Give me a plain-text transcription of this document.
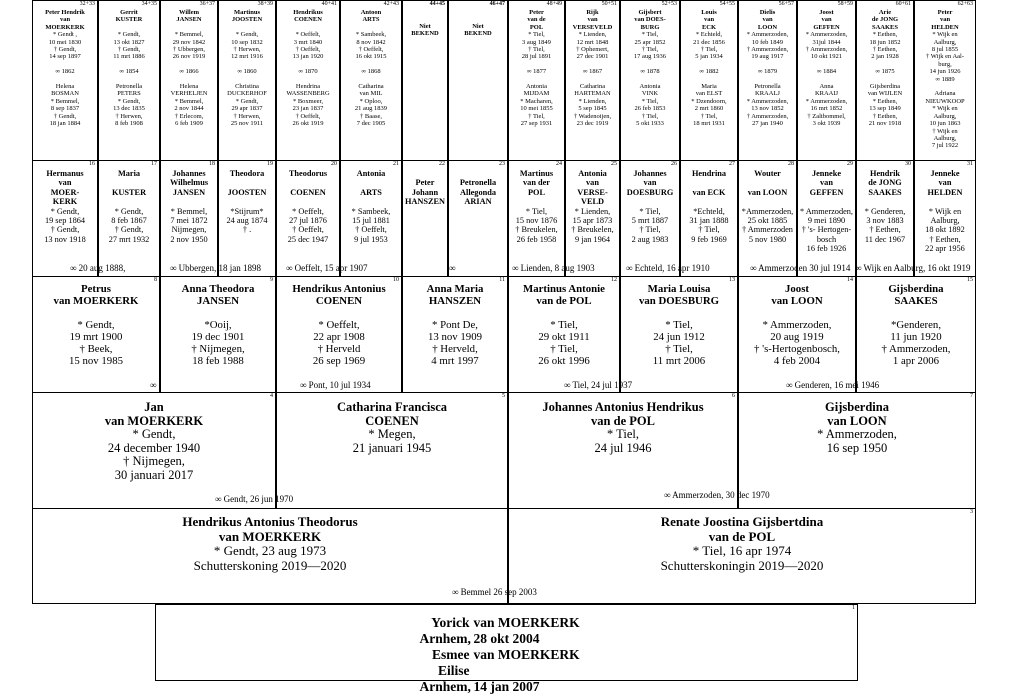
32+33
Peter Hendrik
van
MOERKERK
* Gendt ,
10 mei 1830
† Gendt,
14 sep 1897

∞ 1862

Helena
BOSMAN
* Bemmel,
8 sep 1837
† Gendt,
18 jan 1884
34+35
Gerrit
KUSTER

* Gendt,
13 okt 1827
† Gendt,
11 mrt 1886

∞ 1854

Petronella
PETERS
* Gendt,
13 dec 1835
† Herwen,
8 feb 1908
36+37
Willem
JANSEN

* Bemmel,
29 nov 1842
† Ubbergen,
26 nov 1919

∞ 1866

Helena
VERHELJEN
* Bemmel,
2 nov 1844
† Erlecom,
6 feb 1909
38+39
Martinus
JOOSTEN

* Gendt,
10 sep 1832
† Herwen,
12 mrt 1916

∞ 1860

Christina
DUCKERHOF
* Gendt,
29 apr 1837
† Herwen,
25 nov 1911
40+41
Hendrikus
COENEN

* Oeffelt,
3 mrt 1840
† Oeffelt,
13 jan 1920

∞ 1870

Hendrina
WASSENBERG
* Boxmeer,
23 jan 1837
† Oeffelt,
26 okt 1919
42+43
Antoon
ARTS

* Sambeek,
8 nov 1842
† Oeffelt,
16 okt 1915

∞ 1868

Catharina
van MIL
* Oploo,
21 aug 1839
† Baase,
7 dec 1905
44+45
Niet
BEKEND
46+47
Niet
BEKEND
48+49
Peter
van de
POL
* Tiel,
3 aug 1849
† Tiel,
28 jul 1891

∞ 1877

Antonia
MIJDAM
* Macharen,
10 mei 1855
† Tiel,
27 sep 1931
50+51
Rijk
van
VERSEVELD
* Lienden,
12 mrt 1848
† Ophemert,
27 dec 1901

∞ 1867

Catharina
HARTEMAN
* Lienden,
5 sep 1845
† Wadenoijen,
23 dec 1919
52+53
Gijsbert
van DOES-
BURG
* Tiel,
25 apr 1852
† Tiel,
17 aug 1936

∞ 1878

Antonia
VINK
* Tiel,
26 feb 1853
† Tiel,
5 okt 1933
54+55
Louis
van
ECK
* Echteld,
21 dec 1856
† Tiel,
5 jan 1934

∞ 1882

Maria
van ELST
* Dzendoorn,
2 mrt 1860
† Tiel,
18 mrt 1931
56+57
Dielis
van
LOON
* Ammerzoden,
10 feb 1849
† Ammerzoden,
19 aug 1917

∞ 1879

Petronella
KRAALJ
* Ammerzoden,
13 nov 1852
† Ammerzoden,
27 jan 1940
58+59
Joost
van
GEFFEN
* Ammerzoden,
31jul 1844
† Ammerzoden,
10 okt 1921

∞ 1884

Anna
KRAAIJ
* Ammerzoden,
16 mrt 1852
† Zaltbommel,
3 okt 1939
60+61
Arie
de JONG
SAAKES
* Eethen,
18 jun 1852
† Eethen,
2 jan 1928

∞ 1875

Gijsberdina
van WIJLEN
* Eethen,
13 sep 1849
† Eethen,
21 nov 1918
62+63
Peter
van
HELDEN
* Wijk en
Aalburg,
8 jul 1855
† Wijk en Aal-
burg,
14 jun 1926
∞ 1889

Adriana
NIEUWKOOP
* Wijk en
Aalburg,
10 jun 1863
† Wijk en
Aalburg,
7 jul 1922
16
Hermanus
van
MOER-
KERK
* Gendt,
19 sep 1864
† Gendt,
13 nov 1918
17
Maria

KUSTER

* Gendt,
8 feb 1867
† Gendt,
27 mrt 1932
18
Johannes
Wilhelmus
JANSEN

* Bemmel,
7 mei 1872
Nijmegen,
2 nov 1950
19
Theodora

JOOSTEN

*Stijrum*
24 aug 1874
† .
20
Theodorus

COENEN

* Oeffelt,
27 jul 1876
† Oeffelt,
25 dec 1947
21
Antonia

ARTS

* Sambeek,
15 jul 1881
† Oeffelt,
9 jul 1953
22

Peter
Johann
HANSZEN
23

Petronella
Allegonda
ARIAN
24
Martinus
van der
POL

* Tiel,
15 nov 1876
† Breukelen,
26 feb 1958
25
Antonia
van
VERSE-
VELD
* Lienden,
15 apr 1873
† Breukelen,
9 jan 1964
26
Johannes
van
DOESBURG

* Tiel,
5 mrt 1887
† Tiel,
2 aug 1983
27
Hendrina

van ECK

*Echteld,
31 jan 1888
† Tiel,
9 feb 1969
28
Wouter

van LOON

*Ammerzoden,
25 okt 1885
† Ammerzoden
5 nov 1980
29
Jenneke
van
GEFFEN

* Ammerzoden,
9 mei 1890
† 's- Hertogen-
bosch
16 feb 1926
30
Hendrik
de JONG
SAAKES

* Genderen,
3 nov 1883
† Eethen,
11 dec 1967
31
Jenneke
van
HELDEN

* Wijk en
Aalburg,
18 okt 1892
† Eethen,
22 apr 1956
∞ 20 aug 1888,	∞ Ubbergen, 18 jan 1898	∞ Oeffelt, 15 apr 1907	∞	∞ Lienden, 8 aug 1903	∞ Echteld, 16 apr 1910	∞ Ammerzoden 30 jul 1914 ∞ Wijk en Aalburg, 16 okt 1919
8
Petrus
van MOERKERK

* Gendt,
19 mrt 1900
† Beek,
15 nov 1985
9
Anna Theodora
JANSEN

*Ooij,
19 dec 1901
† Nijmegen,
18 feb 1988
10
Hendrikus Antonius
COENEN

* Oeffelt,
22 apr 1908
† Herveld
26 sep 1969
11
Anna Maria
HANSZEN

* Pont De,
13 nov 1909
† Herveld,
4 mrt 1997
12
Martinus Antonie
van de POL

* Tiel,
29 okt 1911
† Tiel,
26 okt 1996
13
Maria Louisa
van DOESBURG

* Tiel,
24 jun 1912
† Tiel,
11 mrt 2006
14
Joost
van LOON

* Ammerzoden,
20 aug 1919
† 's-Hertogenbosch,
4 feb 2004
15
Gijsberdina
SAAKES

*Genderen,
11 jun 1920
† Ammerzoden,
1 apr 2006
∞	∞ Pont, 10 jul 1934	∞ Tiel, 24 jul 1937	∞ Genderen, 16 mei 1946
4
Jan
van MOERKERK
* Gendt,
24 december 1940
† Nijmegen,
30 januari 2017
5
Catharina Francisca
COENEN
* Megen,
21 januari 1945
6
Johannes Antonius Hendrikus
van de POL
* Tiel,
24 jul 1946
7
Gijsberdina
van LOON
* Ammerzoden,
16 sep 1950
∞ Gendt, 26 jun 1970	∞ Ammerzoden, 30 dec 1970
Hendrikus Antonius Theodorus
van MOERKERK
* Gendt, 23 aug 1973
Schutterskoning 2019—2020
3
Renate Joostina Gijsbertdina
van de POL
* Tiel, 16 apr 1974
Schutterskoningin 2019—2020
∞ Bemmel 26 sep 2003
1
Yorick van MOERKERK
Arnhem, 28 okt 2004
Esmee Eilise
van MOERKERK
Arnhem, 14 jan 2007
